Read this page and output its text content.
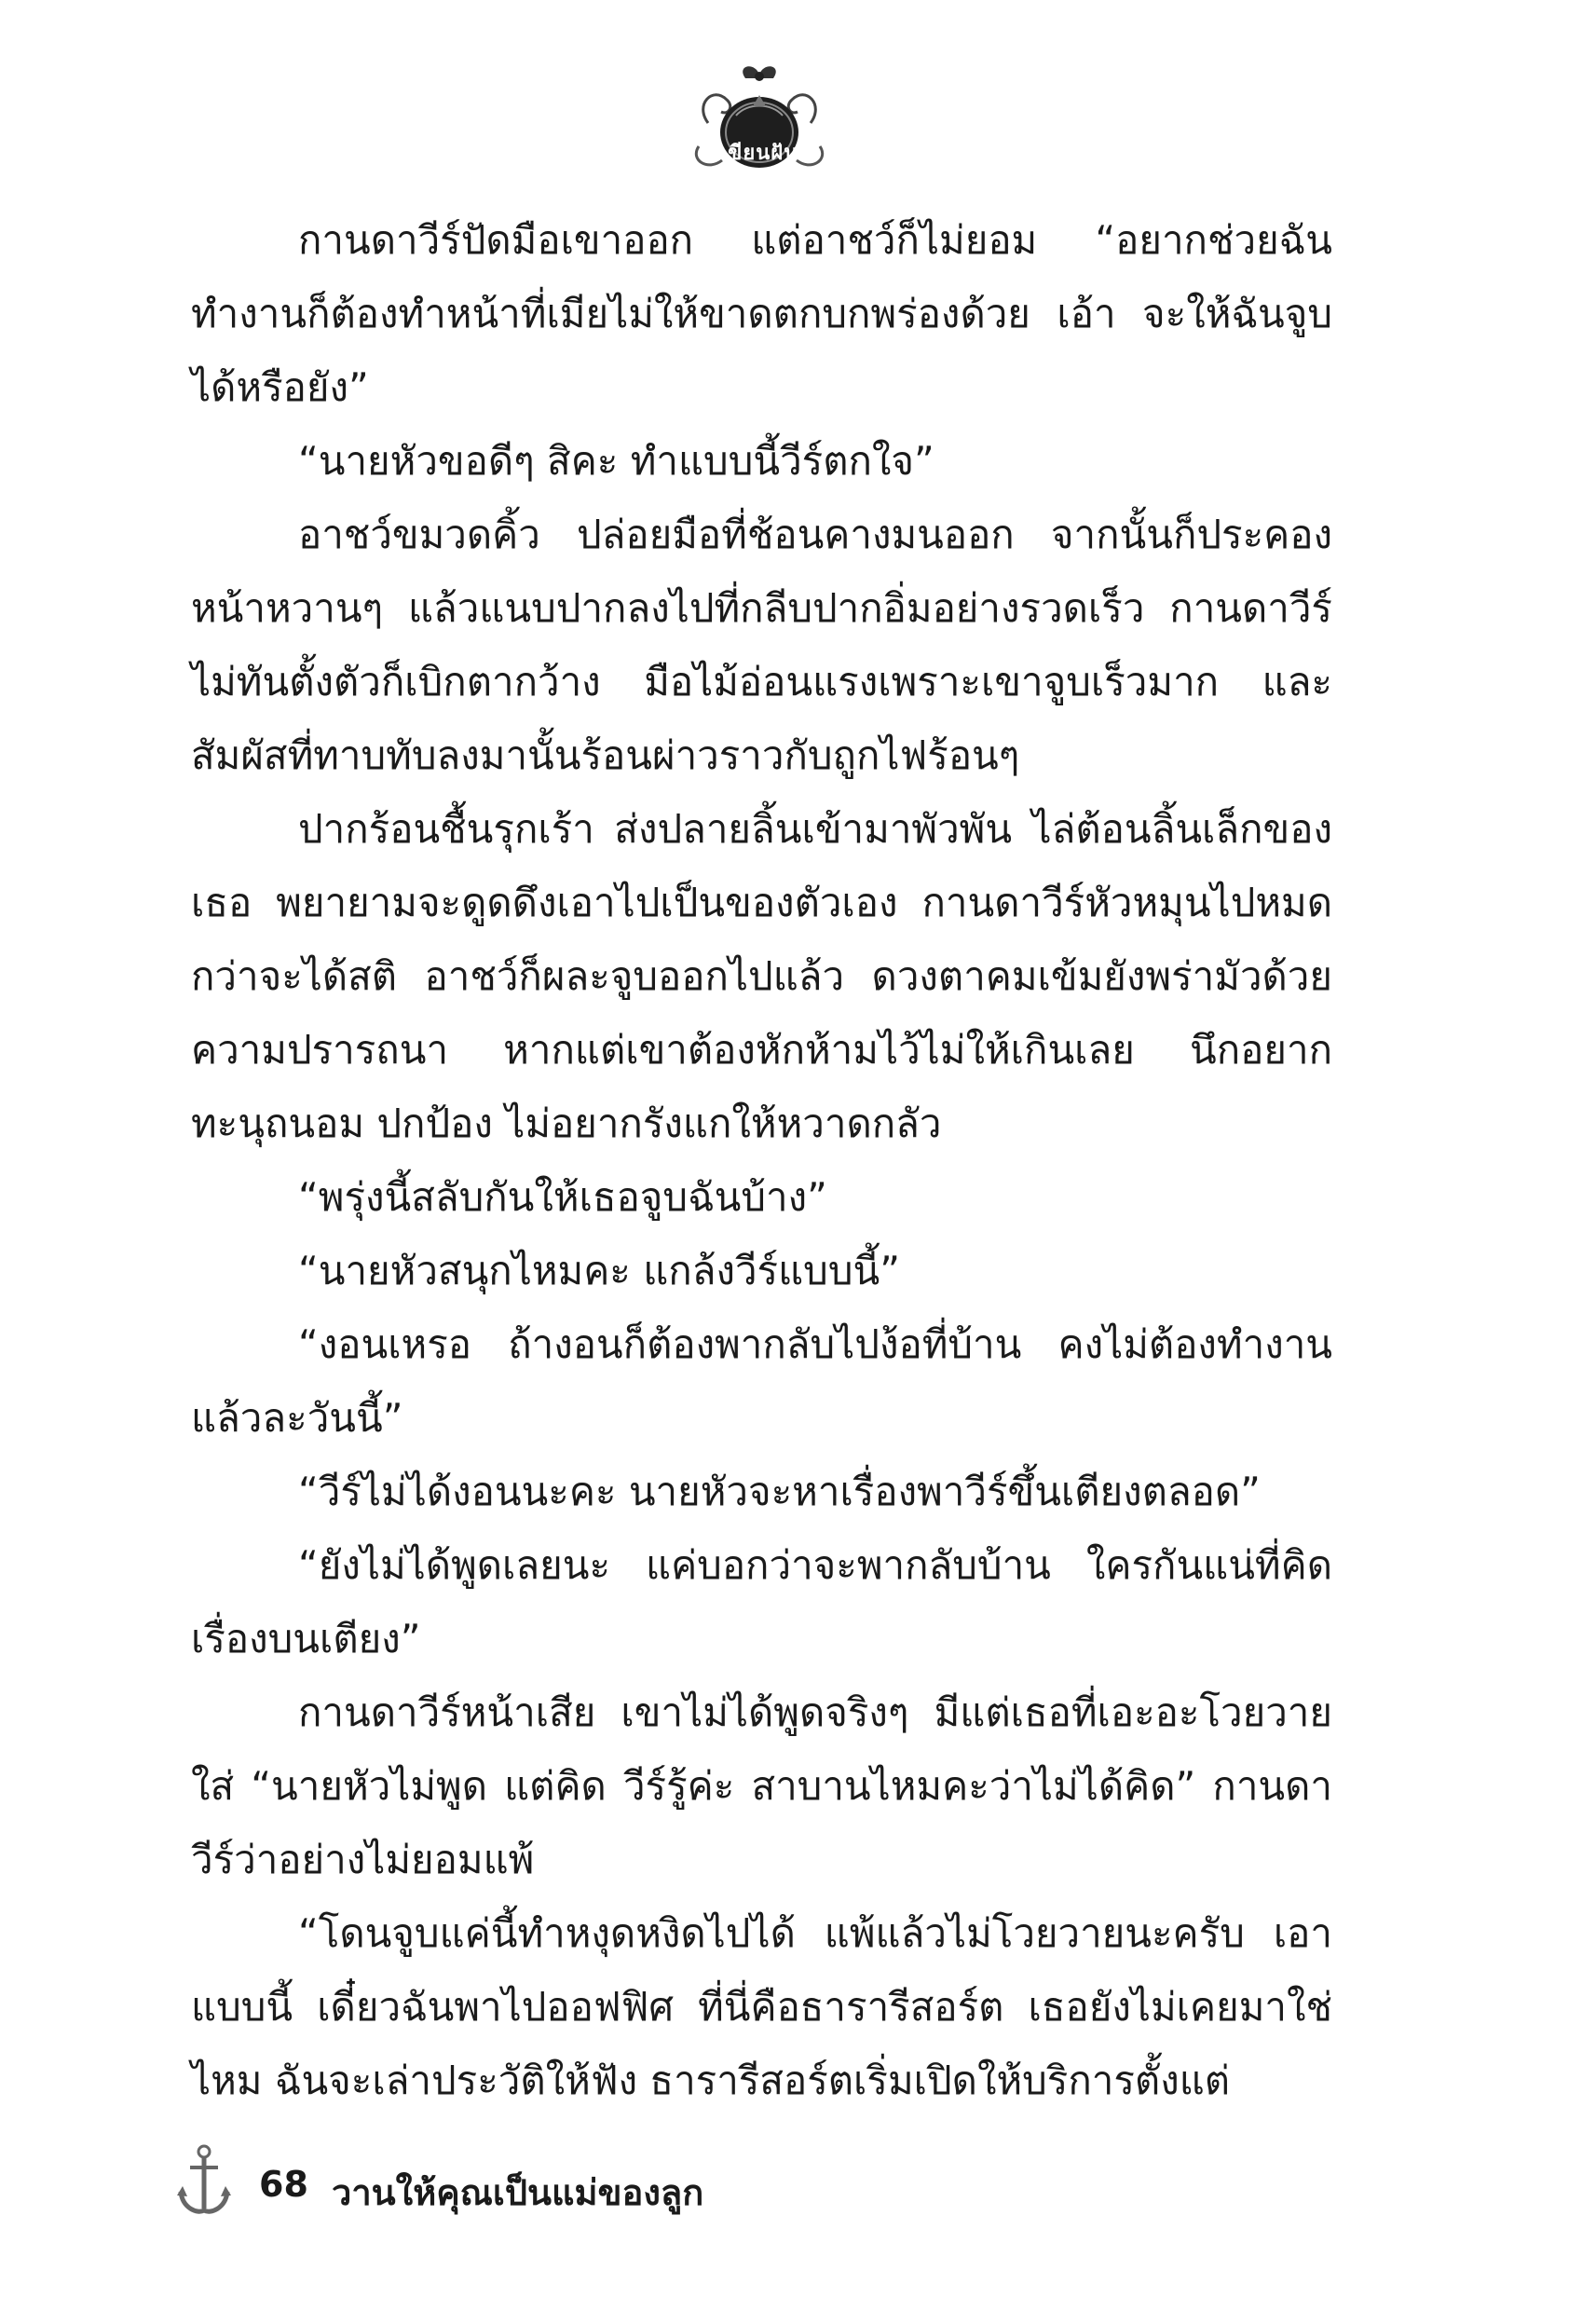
เขียนฝัน

กานดาวีร์ปัดมือเขาออก แต่อาชว์ก็ไม่ยอม “อยากช่วยฉันทำงานก็ต้องทำหน้าที่เมียไม่ให้ขาดตกบกพร่องด้วย เอ้า จะให้ฉันจูบได้หรือยัง”

“นายหัวขอดีๆ สิคะ ทำแบบนี้วีร์ตกใจ”

อาชว์ขมวดคิ้ว ปล่อยมือที่ช้อนคางมนออก จากนั้นก็ประคองหน้าหวานๆ แล้วแนบปากลงไปที่กลีบปากอิ่มอย่างรวดเร็ว กานดาวีร์ไม่ทันตั้งตัวก็เบิกตากว้าง มือไม้อ่อนแรงเพราะเขาจูบเร็วมาก และสัมผัสที่ทาบทับลงมานั้นร้อนผ่าวราวกับถูกไฟร้อนๆ

ปากร้อนชื้นรุกเร้า ส่งปลายลิ้นเข้ามาพัวพัน ไล่ต้อนลิ้นเล็กของเธอ พยายามจะดูดดึงเอาไปเป็นของตัวเอง กานดาวีร์หัวหมุนไปหมดกว่าจะได้สติ อาชว์ก็ผละจูบออกไปแล้ว ดวงตาคมเข้มยังพร่ามัวด้วยความปรารถนา หากแต่เขาต้องหักห้ามไว้ไม่ให้เกินเลย นึกอยากทะนุถนอม ปกป้อง ไม่อยากรังแกให้หวาดกลัว

“พรุ่งนี้สลับกันให้เธอจูบฉันบ้าง”

“นายหัวสนุกไหมคะ แกล้งวีร์แบบนี้”

“งอนเหรอ ถ้างอนก็ต้องพากลับไปง้อที่บ้าน คงไม่ต้องทำงานแล้วละวันนี้”

“วีร์ไม่ได้งอนนะคะ นายหัวจะหาเรื่องพาวีร์ขึ้นเตียงตลอด”

“ยังไม่ได้พูดเลยนะ แค่บอกว่าจะพากลับบ้าน ใครกันแน่ที่คิดเรื่องบนเตียง”

กานดาวีร์หน้าเสีย เขาไม่ได้พูดจริงๆ มีแต่เธอที่เอะอะโวยวายใส่ “นายหัวไม่พูด แต่คิด วีร์รู้ค่ะ สาบานไหมคะว่าไม่ได้คิด” กานดาวีร์ว่าอย่างไม่ยอมแพ้

“โดนจูบแค่นี้ทำหงุดหงิดไปได้ แพ้แล้วไม่โวยวายนะครับ เอาแบบนี้ เดี๋ยวฉันพาไปออฟฟิศ ที่นี่คือธารารีสอร์ต เธอยังไม่เคยมาใช่ไหม ฉันจะเล่าประวัติให้ฟัง ธารารีสอร์ตเริ่มเปิดให้บริการตั้งแต่

68 วานให้คุณเป็นแม่ของลูก
